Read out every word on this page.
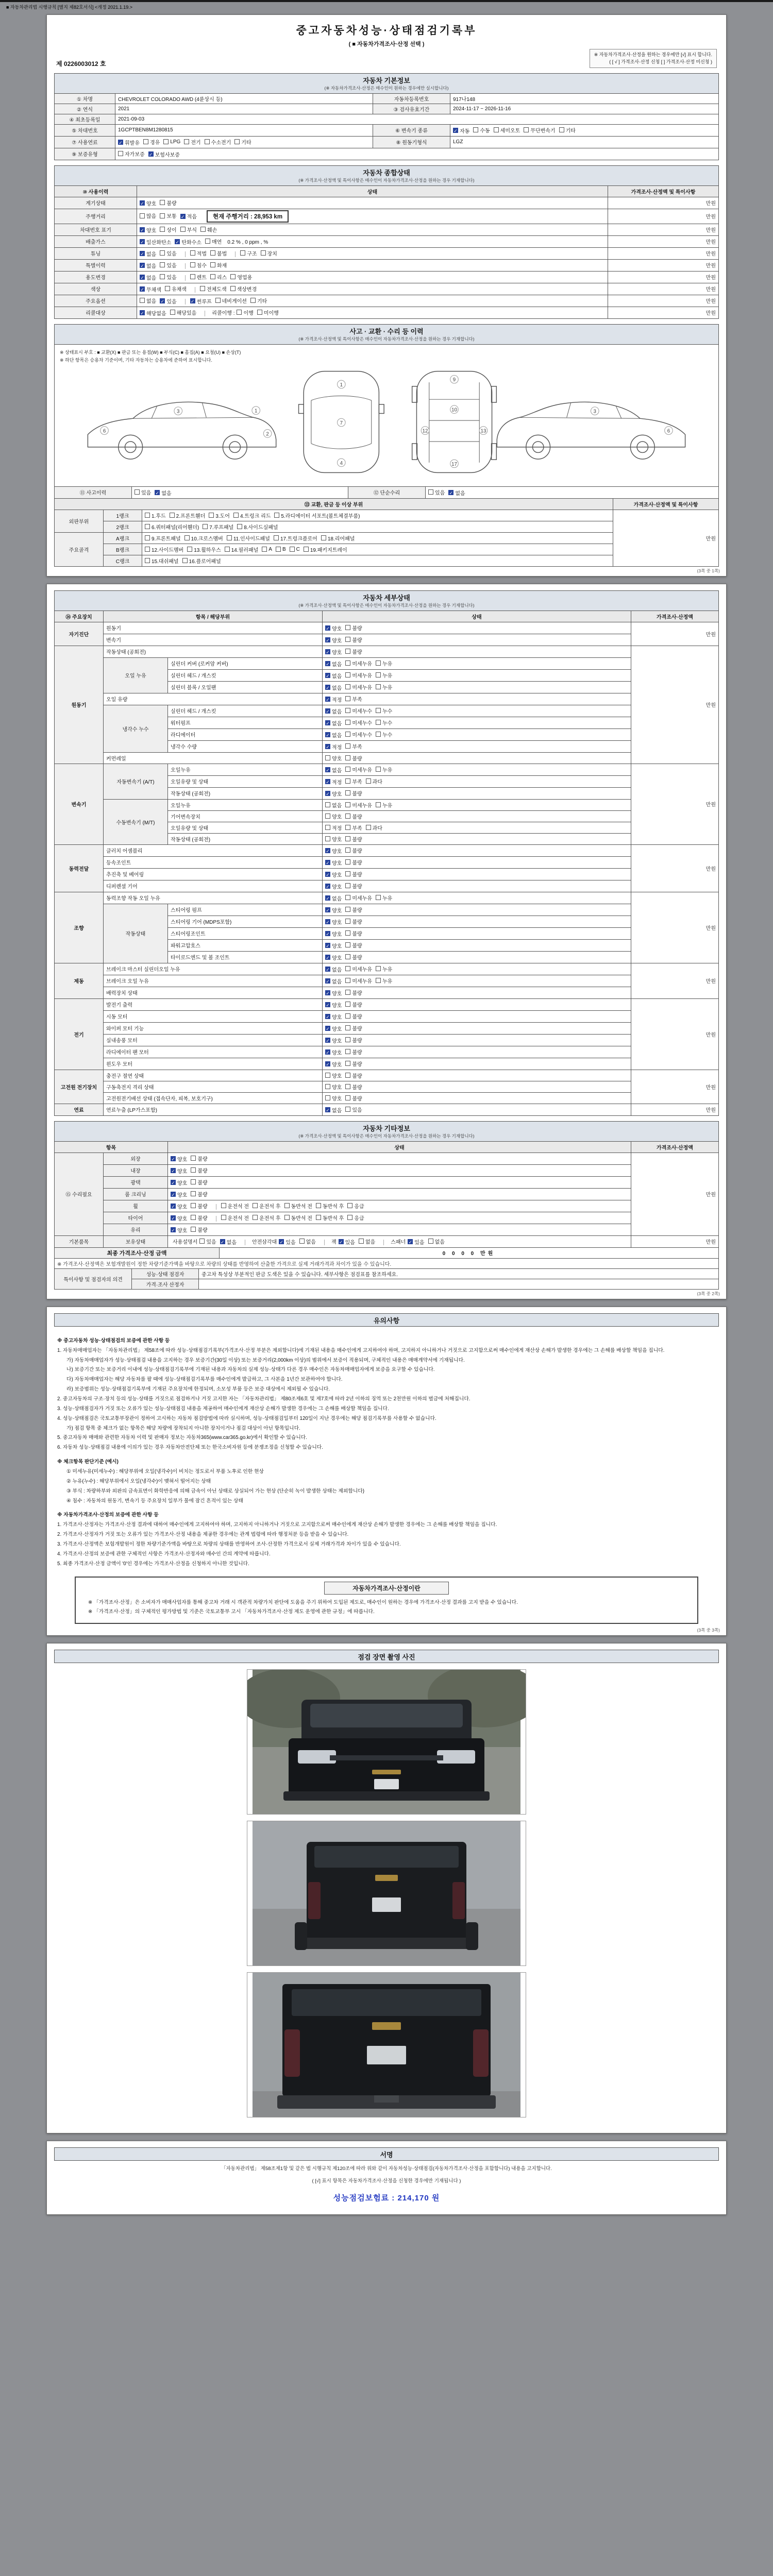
■ 자동차관리법 시행규칙 [별지 제82호서식] <개정 2021.1.19.>
중고자동차성능·상태점검기록부
( ■ 자동차가격조사·산정 선택 )
제 0226003012 호
※ 자동차가격조사·산정을 원하는 경우에만 [√] 표시 합니다.
( [ √ ] 가격조사·산정 신청 [ ] 가격조사·산정 미신청 )
자동차 기본정보
(※ 자동차가격조사·산정은 매수인이 원하는 경우에만 실시합니다)
① 차명	CHEVROLET COLORADO AWD (4륜상시 등)	자동차등록번호	917나148
② 연식	2021	③ 검사유효기간	2024-11-17 ~ 2026-11-16
④ 최초등록일	2021-09-03		
⑤ 차대번호	1GCPTBEN8M1280815	⑥ 변속기 종류	✓ 자동 수동 세미오토 무단변속기 기타

⑦ 사용연료	✓ 휘발유 경유 LPG 전기 수소전기 기타	⑧ 원동기형식	LGZ
⑨ 보증유형	자가보증 ✓ 보험사보증		
자동차 종합상태
(※ 가격조사·산정액 및 특이사항은 매수인이 자동차가격조사·산정을 원하는 경우 기재합니다)
⑩ 사용이력	상태	가격조사·산정액 및 특이사항
계기상태	✓ 양호 불량	만원
주행거리	많음 보통 ✓ 적음 현재 주행거리 : 28,953 km	만원
차대번호 표기	✓ 양호 상이 부식 훼손	만원
배출가스	✓ 일산화탄소 ✓ 탄화수소 매연 0.2 % , 0 ppm , %	만원
튜닝	✓ 없음 있음	적법 불법	구조 장치	만원
특별이력	✓ 없음 있음 침수 화재	만원
용도변경	✓ 없음 있음	렌트 리스 영업용	만원
색상	✓ 무채색 유채색 전체도색 색상변경	만원
주요옵션	없음 ✓ 있음	✓ 썬루프 네비게이션 기타	만원
리콜대상	✓ 해당없음 해당있음	리콜이행 : 이행 미이행	만원
사고 · 교환 · 수리 등 이력
(※ 가격조사·산정액 및 특이사항은 매수인이 자동차가격조사·산정을 원하는 경우 기재합니다)
※ 상태표시 부호 : ■ 교환(X) ■ 판금 또는 용접(W) ■ 부식(C) ■ 흠집(A) ■ 요철(U) ■ 손상(T)
※ 하단 항목은 승용차 기준이며, 기타 자동차는 승용차에 준하여 표시합니다.
1
3
2
6
1
7
4
9
10
12	13
17
3
6
⑪ 사고이력	있음 ✓ 없음	⑫ 단순수리	있음 ✓ 없음
⑬ 교환, 판금 등 이상 부위			가격조사·산정액 및 특이사항
외판부위	1랭크	1.후드 2.프론트휀더 3.도어 4.트렁크 리드 5.라디에이터 서포트(볼트체결부품)	만원
	2랭크	6.쿼터패널(리어휀더) 7.루프패널 8.사이드실패널	

주요골격	A랭크	9.프론트패널 10.크로스멤버 11.인사이드패널 17.트렁크플로어 18.리어패널	

B랭크	12.사이드멤버 13.휠하우스 14.필러패널 A B C 19.패키지트레이

	C랭크	15.대쉬패널 16.플로어패널	
(3쪽 중 1쪽)
자동차 세부상태
(※ 가격조사·산정액 및 특이사항은 매수인이 자동차가격조사·산정을 원하는 경우 기재합니다)
⑭ 주요장치	항목 / 해당부위		상태	가격조사·산정액
자기진단	원동기		✓ 양호 불량	만원
	변속기		✓ 양호 불량	

원동기	작동상태 (공회전)		✓ 양호 불량	만원
	오일 누유	실린더 커버 (로커암 커버)	✓ 없음 미세누유 누유	

		실린더 헤드 / 개스킷	✓ 없음 미세누유 누유	

		실린더 블록 / 오일팬	✓ 없음 미세누유 누유	

	오일 유량		✓ 적정 부족	

	냉각수 누수	실린더 헤드 / 개스킷	✓ 없음 미세누수 누수	

		워터펌프	✓ 없음 미세누수 누수	

		라디에이터	✓ 없음 미세누수 누수	

		냉각수 수량	✓ 적정 부족	

	커먼레일		양호 불량	

변속기	자동변속기 (A/T)	오일누유	✓ 없음 미세누유 누유	만원
		오일유량 및 상태	✓ 적정 부족 과다	

		작동상태 (공회전)	✓ 양호 불량	

	수동변속기 (M/T)	오일누유	없음 미세누유 누유	

		기어변속장치	양호 불량	

		오일유량 및 상태	적정 부족 과다	

		작동상태 (공회전)	양호 불량	

동력전달	클러치 어셈블리		✓ 양호 불량	만원
	등속조인트		✓ 양호 불량	

	추진축 및 베어링		✓ 양호 불량	

	디퍼렌셜 기어		✓ 양호 불량	

조향	동력조향 작동 오일 누유		✓ 없음 미세누유 누유	만원
	작동상태	스티어링 펌프	✓ 양호 불량	

		스티어링 기어 (MDPS포함)	✓ 양호 불량	

		스티어링조인트	✓ 양호 불량	

		파워고압호스	✓ 양호 불량	

		타이로드엔드 및 볼 조인트	✓ 양호 불량	

제동	브레이크 마스터 실린더오일 누유		✓ 없음 미세누유 누유	만원
	브레이크 오일 누유		✓ 없음 미세누유 누유	

	배력장치 상태		✓ 양호 불량	

전기	발전기 출력		✓ 양호 불량	만원
	시동 모터		✓ 양호 불량	

	와이퍼 모터 기능		✓ 양호 불량	

	실내송풍 모터		✓ 양호 불량	

	라디에이터 팬 모터		✓ 양호 불량	

	윈도우 모터		✓ 양호 불량	

고전원 전기장치	충전구 절연 상태		양호 불량	만원
	구동축전지 격리 상태		양호 불량	

	고전원전기배선 상태 (접속단자, 피복, 보호기구)		양호 불량	

연료	연료누출 (LP가스포함)		✓ 없음 있음	만원
자동차 기타정보
(※ 가격조사·산정액 및 특이사항은 매수인이 자동차가격조사·산정을 원하는 경우 기재합니다)
항목		상태	가격조사·산정액
⑮ 수리필요	외장	✓ 양호 불량	만원
	내장	✓ 양호 불량	

	광택	✓ 양호 불량	

	룸 크리닝	✓ 양호 불량	

휠	✓ 양호 불량	운전석 전 운전석 후 동반석 전 동반석 후 응급

타이어	✓ 양호 불량	운전석 전 운전석 후 동반석 전 동반석 후 응급

	유리	✓ 양호 불량	

기본품목	보유상태	사용설명서 있음 ✓ 없음	안전삼각대 ✓ 있음 없음	잭 ✓ 있음 없음	스패너 ✓ 있음 없음	만원
최종 가격조사·산정 금액	0 0 0 0 만원
※ 가격조사·산정액은 보험개발원이 정한 차량기준가액을 바탕으로 차량의 상태를 반영하여 산출한 가격으로 실제 거래가격과 차이가 있을 수 있습니다.
특이사항 및 점검자의 의견	성능·상태 점검자	중고차 특성상 부분적인 판금 도색은 있을 수 있습니다. 세부사항은 점검표를 참조하세요.
	가격·조사 산정자	
(3쪽 중 2쪽)
유의사항
※ 중고자동차 성능·상태점검의 보증에 관한 사항 등
1. 자동차매매업자는 「자동차관리법」 제58조에 따라 성능·상태점검기록부(가격조사·산정 부분은 제외합니다)에 기재된 내용을 매수인에게 고지하여야 하며, 고지하지 아니하거나 거짓으로 고지함으로써 매수인에게 재산상 손해가 발생한 경우에는 그 손해를 배상할 책임을 집니다.
가) 자동차매매업자가 성능·상태점검 내용을 고지하는 경우 보증기간(30일 이상) 또는 보증거리(2,000km 이상)의 범위에서 보증이 적용되며, 구체적인 내용은 매매계약서에 기재됩니다.
나) 보증기간 또는 보증거리 이내에 성능·상태점검기록부에 기재된 내용과 자동차의 실제 성능·상태가 다른 경우 매수인은 자동차매매업자에게 보증을 요구할 수 있습니다.
다) 자동차매매업자는 해당 자동차를 팔 때에 성능·상태점검기록부를 매수인에게 발급하고, 그 사본을 1년간 보관하여야 합니다.
라) 보증범위는 성능·상태점검기록부에 기재된 주요장치에 한정되며, 소모성 부품 등은 보증 대상에서 제외될 수 있습니다.
2. 중고자동차의 구조·장치 등의 성능·상태를 거짓으로 점검하거나 거짓 고지한 자는 「자동차관리법」 제80조제6호 및 제7호에 따라 2년 이하의 징역 또는 2천만원 이하의 벌금에 처해집니다.
3. 성능·상태점검자가 거짓 또는 오류가 있는 성능·상태점검 내용을 제공하여 매수인에게 재산상 손해가 발생한 경우에는 그 손해를 배상할 책임을 집니다.
4. 성능·상태점검은 국토교통부장관이 정하여 고시하는 자동차 점검방법에 따라 실시하며, 성능·상태점검일부터 120일이 지난 경우에는 해당 점검기록부를 사용할 수 없습니다.
가) 점검 항목 중 체크가 없는 항목은 해당 차량에 장착되지 아니한 장치이거나 점검 대상이 아닌 항목입니다.
5. 중고자동차 매매와 관련한 자동차 이력 및 판매자 정보는 자동차365(www.car365.go.kr)에서 확인할 수 있습니다.
6. 자동차 성능·상태점검 내용에 이의가 있는 경우 자동차안전단체 또는 한국소비자원 등에 분쟁조정을 신청할 수 있습니다.
※ 체크항목 판단기준 (예시)
① 미세누유(미세누수) : 해당부위에 오일(냉각수)이 비치는 정도로서 부품 노후로 인한 현상
② 누유(누수) : 해당부위에서 오일(냉각수)이 맺혀서 떨어지는 상태
③ 부식 : 차량하부와 외판의 금속표면이 화학반응에 의해 금속이 아닌 상태로 상실되어 가는 현상 (단순히 녹이 발생한 상태는 제외합니다)
④ 침수 : 자동차의 원동기, 변속기 등 주요장치 일부가 물에 잠긴 흔적이 있는 상태
※ 자동차가격조사·산정의 보증에 관한 사항 등
1. 가격조사·산정자는 가격조사·산정 결과에 대하여 매수인에게 고지하여야 하며, 고지하지 아니하거나 거짓으로 고지함으로써 매수인에게 재산상 손해가 발생한 경우에는 그 손해를 배상할 책임을 집니다.
2. 가격조사·산정자가 거짓 또는 오류가 있는 가격조사·산정 내용을 제공한 경우에는 관계 법령에 따라 행정처분 등을 받을 수 있습니다.
3. 가격조사·산정액은 보험개발원이 정한 차량기준가액을 바탕으로 차량의 상태를 반영하여 조사·산정한 가격으로서 실제 거래가격과 차이가 있을 수 있습니다.
4. 가격조사·산정의 보증에 관한 구체적인 사항은 가격조사·산정자와 매수인 간의 계약에 따릅니다.
5. 최종 가격조사·산정 금액이 '0'인 경우에는 가격조사·산정을 신청하지 아니한 것입니다.
자동차가격조사·산정이란
※ 「가격조사·산정」은 소비자가 매매사업자를 통해 중고차 거래 시 객관적 차량가치 판단에 도움을 주기 위하여 도입된 제도로, 매수인이 원하는 경우에 가격조사·산정 결과를 고지 받을 수 있습니다.
※ 「가격조사·산정」의 구체적인 평가방법 및 기준은 국토교통부 고시 「자동차가격조사·산정 제도 운영에 관한 규정」에 따릅니다.
(3쪽 중 3쪽)
점검 장면 촬영 사진
서명
「자동차관리법」 제58조제1항 및 같은 법 시행규칙 제120조에 따라 위와 같이 자동차성능·상태점검(자동차가격조사·산정을 포함합니다) 내용을 고지합니다.
( [√] 표시 항목은 자동차가격조사·산정을 신청한 경우에만 기재됩니다 )
성능점검보험료 : 214,170 원
